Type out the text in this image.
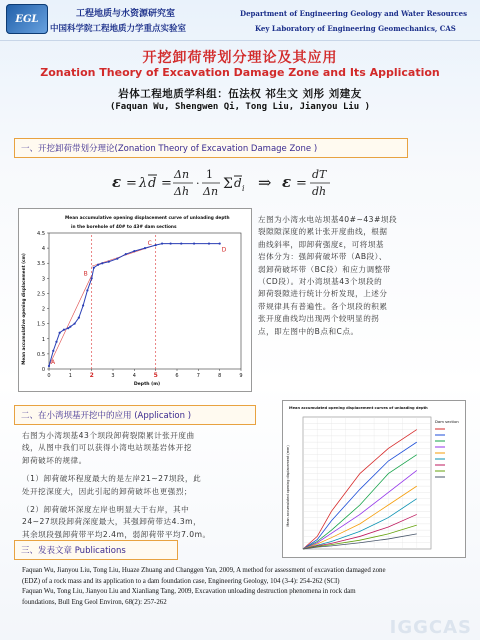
EGL	工程地质与水资源研究室
中国科学院工程地质力学重点实验室
Department of Engineering Geology and Water Resources
Key Laboratory of Engineering Geomechanics, CAS
开挖卸荷带划分理论及其应用
Zonation Theory of Excavation Damage Zone and Its Application
岩体工程地质学科组：伍法权 祁生文 刘彤 刘建友
(Faquan Wu, Shengwen Qi, Tong Liu, Jianyou Liu )
一、开挖卸荷带划分理论(Zonation Theory of Excavation Damage Zone )
ε = λ d =
Δn
Δh
·
1
Δn Σ d i ⇒ ε =
dT
dh
Mean accumulative opening displacement curve of unloading depth
in the borehole of 40# to 43# dam sections
Mean accumulative opening displacement (cm)
Depth (m)
0
0.5
1
1.5
2
2.5
3
3.5
4
4.5
0	1	3	4	6	7	8	9
A
B
C
D
2	5
左图为小湾水电站坝基40#~43#坝段
裂隙隙深度的累计张开度曲线，根据
曲线斜率，即卸荷强度ε，可将坝基
岩体分为：强卸荷破坏带（AB段）、
弱卸荷破坏带（BC段）和应力调整带
（CD段）。对小湾坝基43个坝段的
卸荷裂隙进行统计分析发现，上述分
带规律具有普遍性。各个坝段的积累
张开度曲线均出现两个较明显的拐
点，即左图中的B点和C点。
二、在小湾坝基开挖中的应用 (Application )
右图为小湾坝基43个坝段卸荷裂隙累计张开度曲
线，从图中我们可以获得小湾电站坝基岩体开挖
卸荷破坏的规律。
（1）卸荷破坏程度最大的是左岸21~27坝段，此
处开挖深度大，因此引起的卸荷破坏也更强烈；
（2）卸荷破坏深度左岸也明显大于右岸，其中
24~27坝段卸荷深度最大，其强卸荷带达4.3m，
其余坝段强卸荷带平均2.4m，弱卸荷带平均7.0m。
Mean accumulated opening displacement curves of unloading depth
Dam section
Mean accumulated opening displacement (mm)
三、发表文章 Publications
Faquan Wu, Jianyou Liu, Tong Liu, Huaze Zhuang and Changgen Yan, 2009, A method for assessment of excavation damaged zone
(EDZ) of a rock mass and its application to a dam foundation case, Engineering Geology, 104 (3-4): 254-262 (SCI)
Faquan Wu, Tong Liu, Jianyou Liu and Xianliang Tang, 2009, Excavation unloading destruction phenomena in rock dam
foundations, Bull Eng Geol Environ, 68(2): 257-262
IGGCAS
